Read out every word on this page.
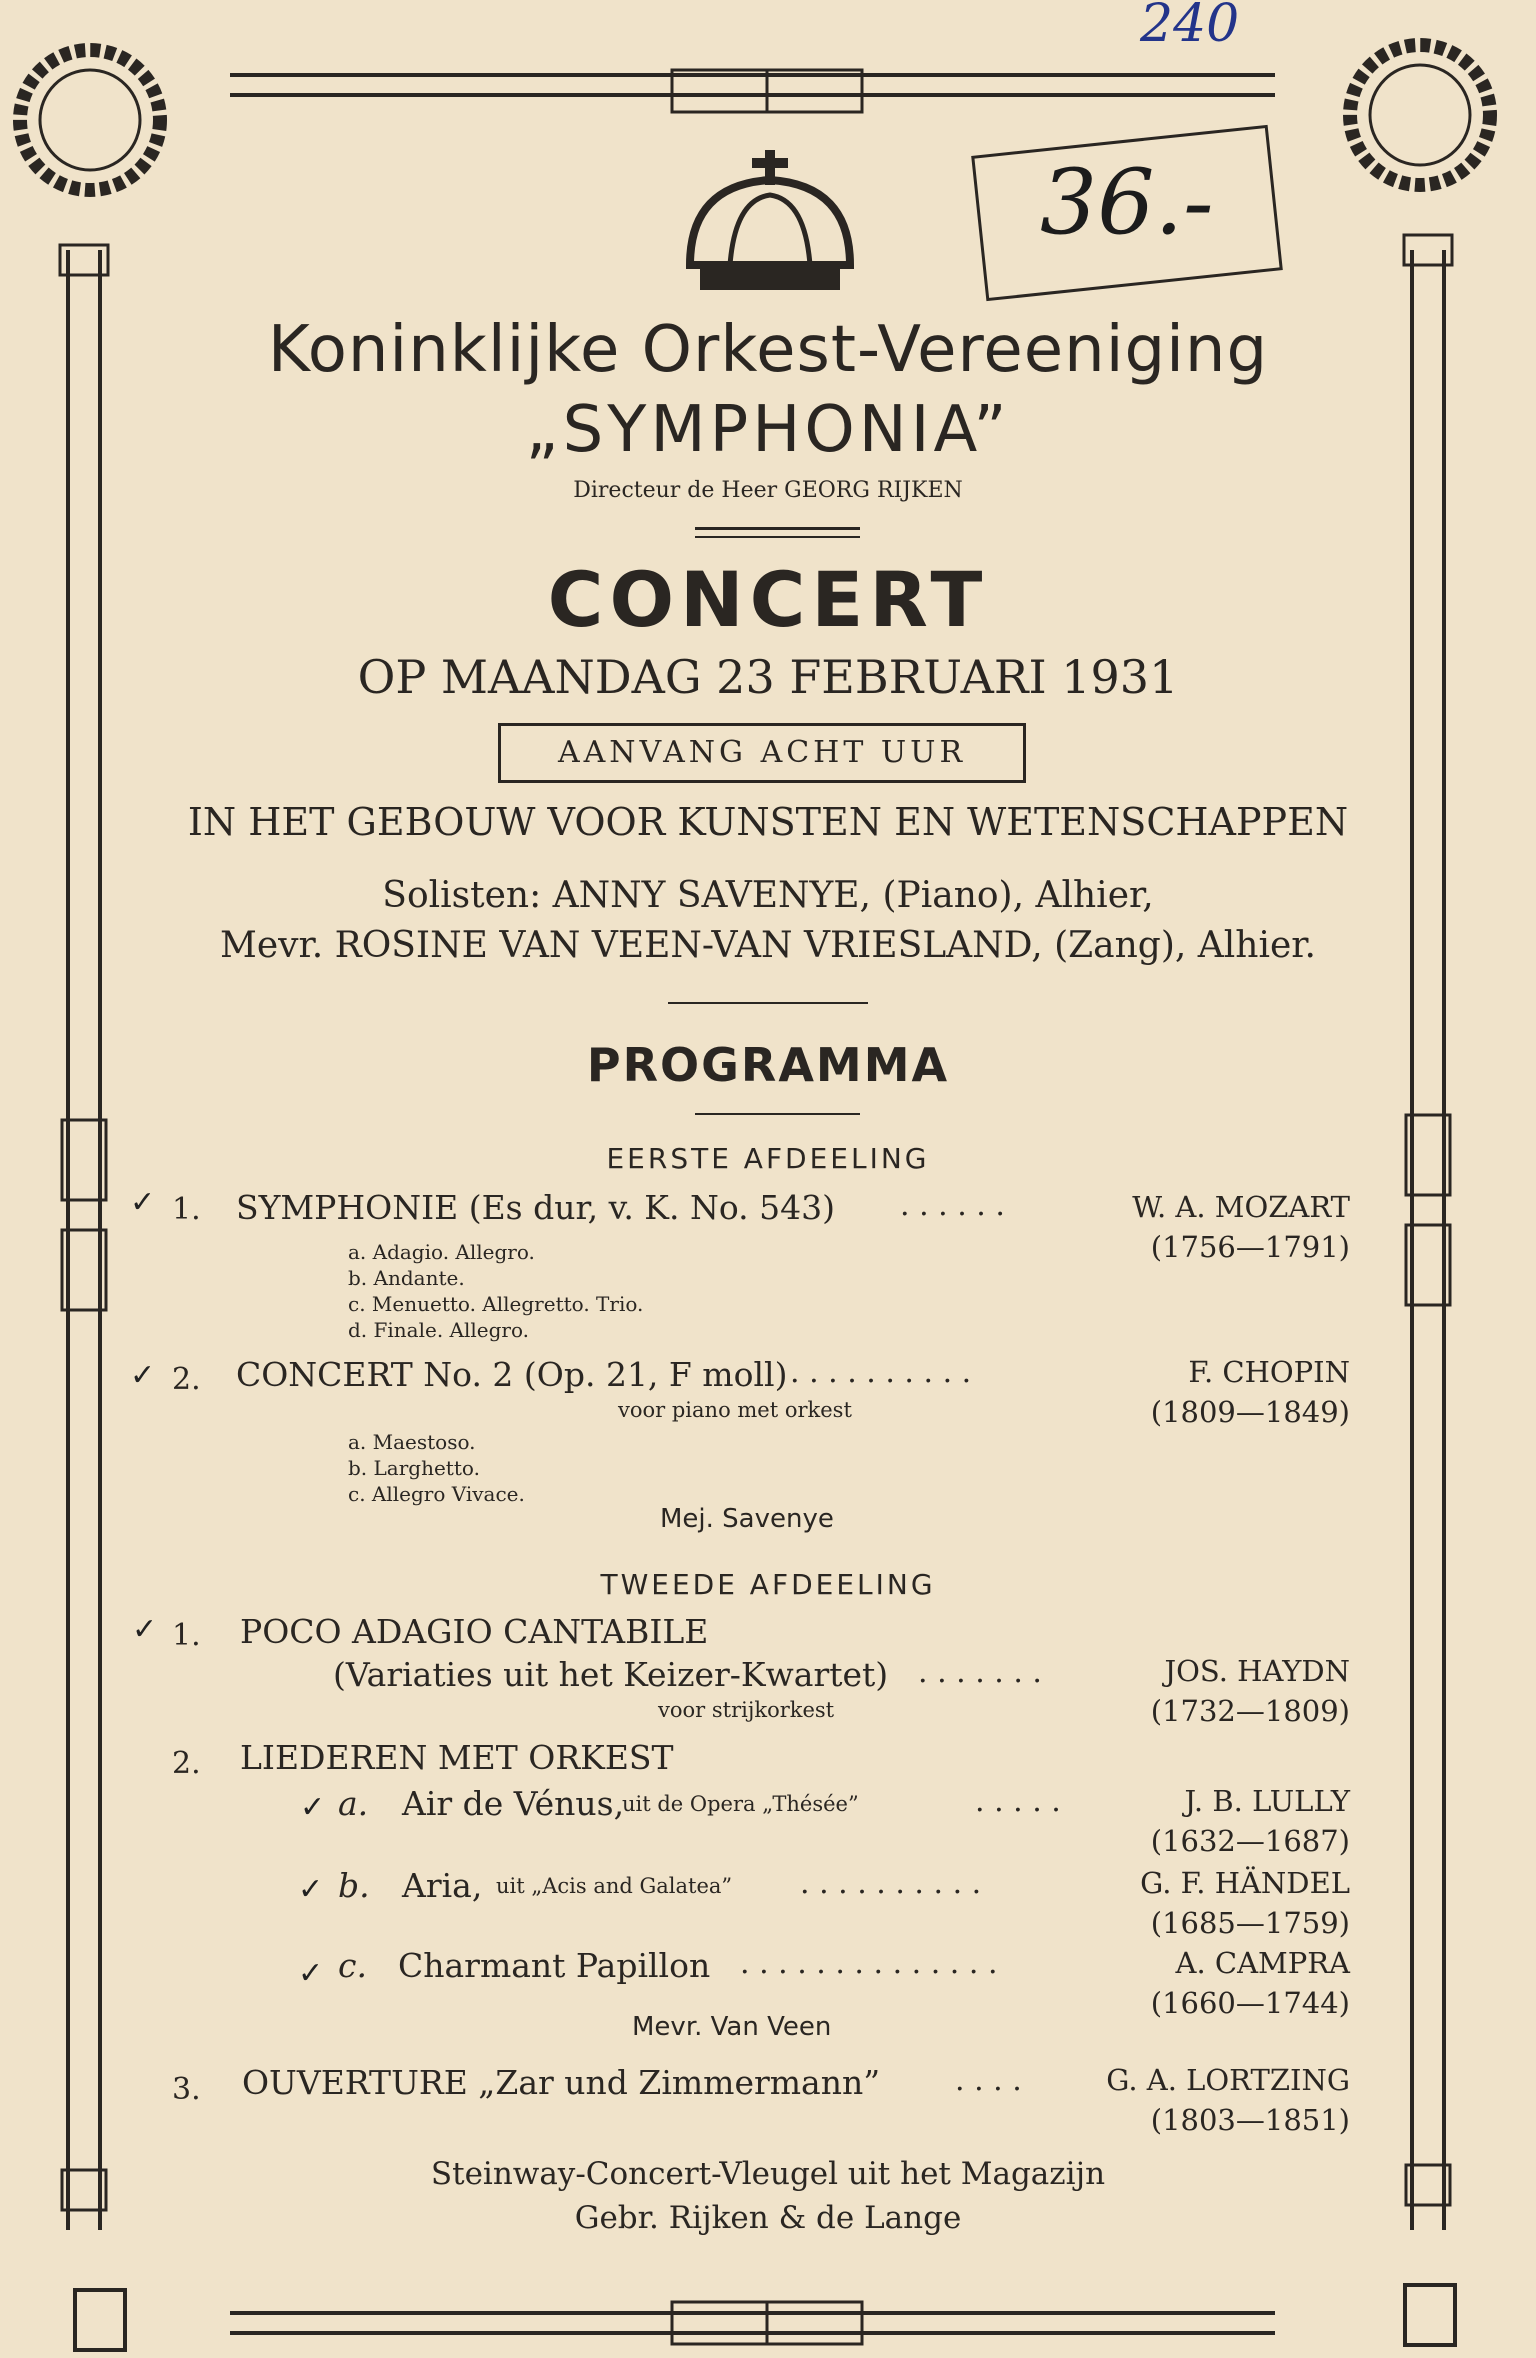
240
36.-
Koninklijke Orkest-Vereeniging
„SYMPHONIA”
Directeur de Heer GEORG RIJKEN
CONCERT
OP MAANDAG 23 FEBRUARI 1931
AANVANG ACHT UUR
IN HET GEBOUW VOOR KUNSTEN EN WETENSCHAPPEN
Solisten: ANNY SAVENYE, (Piano), Alhier,
Mevr. ROSINE VAN VEEN-VAN VRIESLAND, (Zang), Alhier.
PROGRAMMA
EERSTE AFDEELING
✓ 1. SYMPHONIE (Es dur, v. K. No. 543) . . . . . .	W. A. MOZART
(1756—1791)
a. Adagio. Allegro.
b. Andante.
c. Menuetto. Allegretto. Trio.
d. Finale. Allegro.
✓ 2. CONCERT No. 2 (Op. 21, F moll) . . . . . . . . . .	F. CHOPIN
(1809—1849)
voor piano met orkest
a. Maestoso.
b. Larghetto.
c. Allegro Vivace.
Mej. Savenye
TWEEDE AFDEELING
✓ 1. POCO ADAGIO CANTABILE
(Variaties uit het Keizer-Kwartet) . . . . . . .	JOS. HAYDN
(1732—1809)
voor strijkorkest
2. LIEDEREN MET ORKEST
✓ a. Air de Vénus,
uit de Opera „Thésée”	. . . . .	J. B. LULLY
(1632—1687)
✓ b. Aria, uit „Acis and Galatea” . . . . . . . . . .	G. F. HÄNDEL
(1685—1759)
✓ c. Charmant Papillon . . . . . . . . . . . . . .	A. CAMPRA
(1660—1744)
Mevr. Van Veen
3. OUVERTURE „Zar und Zimmermann” . . . .	G. A. LORTZING
(1803—1851)
Steinway-Concert-Vleugel uit het Magazijn
Gebr. Rijken & de Lange
